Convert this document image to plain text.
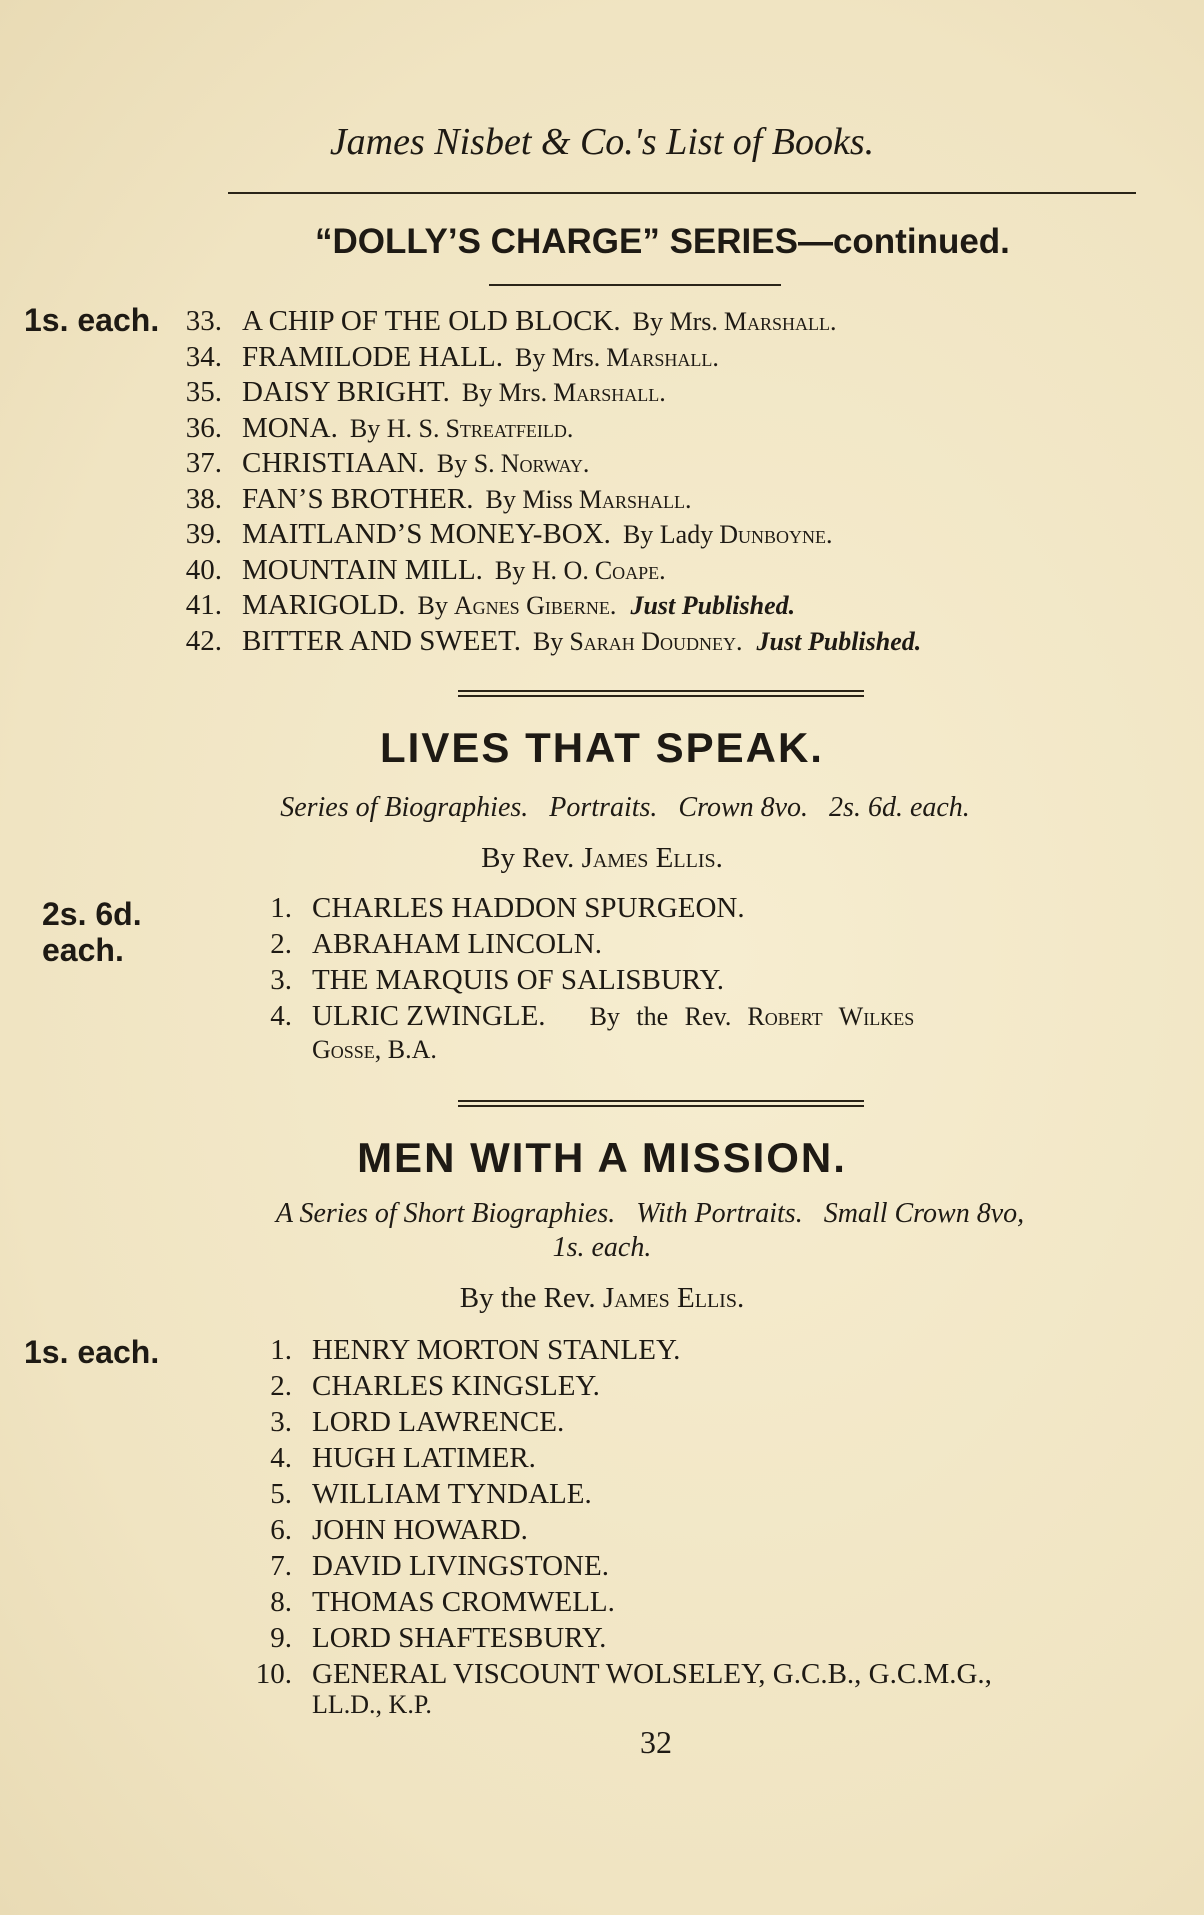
James Nisbet & Co.'s List of Books.
“DOLLY’S CHARGE” SERIES—continued.
1s. each. 33. A CHIP OF THE OLD BLOCK. By Mrs. Marshall.
34. FRAMILODE HALL. By Mrs. Marshall.
35. DAISY BRIGHT. By Mrs. Marshall.
36. MONA. By H. S. Streatfeild.
37. CHRISTIAAN. By S. Norway.
38. FAN’S BROTHER. By Miss Marshall.
39. MAITLAND’S MONEY-BOX. By Lady Dunboyne.
40. MOUNTAIN MILL. By H. O. Coape.
41. MARIGOLD. By Agnes Giberne. Just Published.
42. BITTER AND SWEET. By Sarah Doudney. Just Published.
LIVES THAT SPEAK.
Series of Biographies.   Portraits.   Crown 8vo.   2s. 6d. each.
By Rev. James Ellis.
2s. 6d.
each.
1. CHARLES HADDON SPURGEON.
2. ABRAHAM LINCOLN.
3. THE MARQUIS OF SALISBURY.
4. ULRIC ZWINGLE. By the Rev. Robert Wilkes
Gosse, B.A.
MEN WITH A MISSION.
A Series of Short Biographies.   With Portraits.   Small Crown 8vo,
1s. each.
By the Rev. James Ellis.
1s. each.	1. HENRY MORTON STANLEY.
2. CHARLES KINGSLEY.
3. LORD LAWRENCE.
4. HUGH LATIMER.
5. WILLIAM TYNDALE.
6. JOHN HOWARD.
7. DAVID LIVINGSTONE.
8. THOMAS CROMWELL.
9. LORD SHAFTESBURY.
10. GENERAL VISCOUNT WOLSELEY, G.C.B., G.C.M.G.,
LL.D., K.P.
32
